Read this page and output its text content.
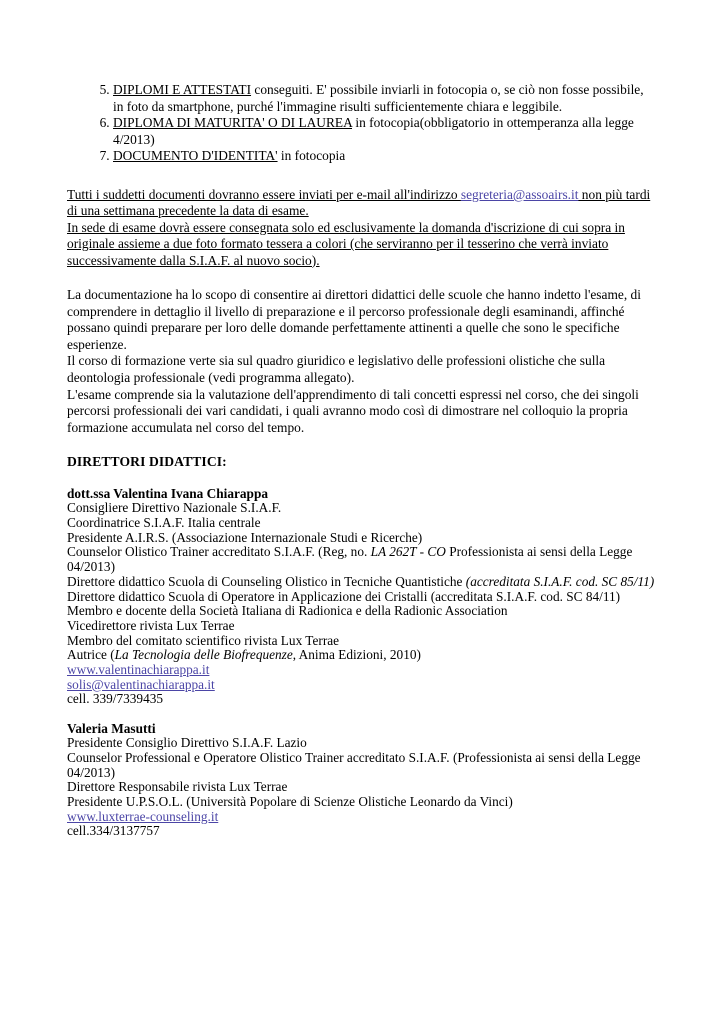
5. DIPLOMI E ATTESTATI conseguiti. E' possibile inviarli in fotocopia o, se ciò non fosse possibile, in foto da smartphone, purché l'immagine risulti sufficientemente chiara e leggibile.
6. DIPLOMA DI MATURITA' O DI LAUREA in fotocopia(obbligatorio in ottemperanza alla legge 4/2013)
7. DOCUMENTO D'IDENTITA' in fotocopia
Tutti i suddetti documenti dovranno essere inviati per e-mail all'indirizzo segreteria@assoairs.it non più tardi di una settimana precedente la data di esame.
In sede di esame dovrà essere consegnata solo ed esclusivamente la domanda d'iscrizione di cui sopra in originale assieme a due foto formato tessera a colori (che serviranno per il tesserino che verrà inviato successivamente dalla S.I.A.F. al nuovo socio).

La documentazione ha lo scopo di consentire ai direttori didattici delle scuole che hanno indetto l'esame, di comprendere in dettaglio il livello di preparazione e il percorso professionale degli esaminandi, affinché possano quindi preparare per loro delle domande perfettamente attinenti a quelle che sono le specifiche esperienze.

Il corso di formazione verte sia sul quadro giuridico e legislativo delle professioni olistiche che sulla deontologia professionale (vedi programma allegato).

L'esame comprende sia la valutazione dell'apprendimento di tali concetti espressi nel corso, che dei singoli percorsi professionali dei vari candidati, i quali avranno modo così di dimostrare nel colloquio la propria formazione accumulata nel corso del tempo.

DIRETTORI DIDATTICI:
dott.ssa Valentina Ivana Chiarappa
Consigliere Direttivo Nazionale S.I.A.F.
Coordinatrice S.I.A.F. Italia centrale
Presidente A.I.R.S. (Associazione Internazionale Studi e Ricerche)
Counselor Olistico Trainer accreditato S.I.A.F. (Reg, no. LA 262T - CO Professionista ai sensi della Legge 04/2013)
Direttore didattico Scuola di Counseling Olistico in Tecniche Quantistiche (accreditata S.I.A.F. cod. SC 85/11)
Direttore didattico Scuola di Operatore in Applicazione dei Cristalli (accreditata S.I.A.F. cod. SC 84/11)
Membro e docente della Società Italiana di Radionica e della Radionic Association
Vicedirettore rivista Lux Terrae
Membro del comitato scientifico rivista Lux Terrae
Autrice (La Tecnologia delle Biofrequenze, Anima Edizioni, 2010)
www.valentinachiarappa.it
solis@valentinachiarappa.it
cell. 339/7339435
Valeria Masutti
Presidente Consiglio Direttivo S.I.A.F. Lazio
Counselor Professional e Operatore Olistico Trainer accreditato S.I.A.F. (Professionista ai sensi della Legge 04/2013)
Direttore Responsabile rivista Lux Terrae
Presidente U.P.S.O.L. (Università Popolare di Scienze Olistiche Leonardo da Vinci)
www.luxterrae-counseling.it
cell.334/3137757
